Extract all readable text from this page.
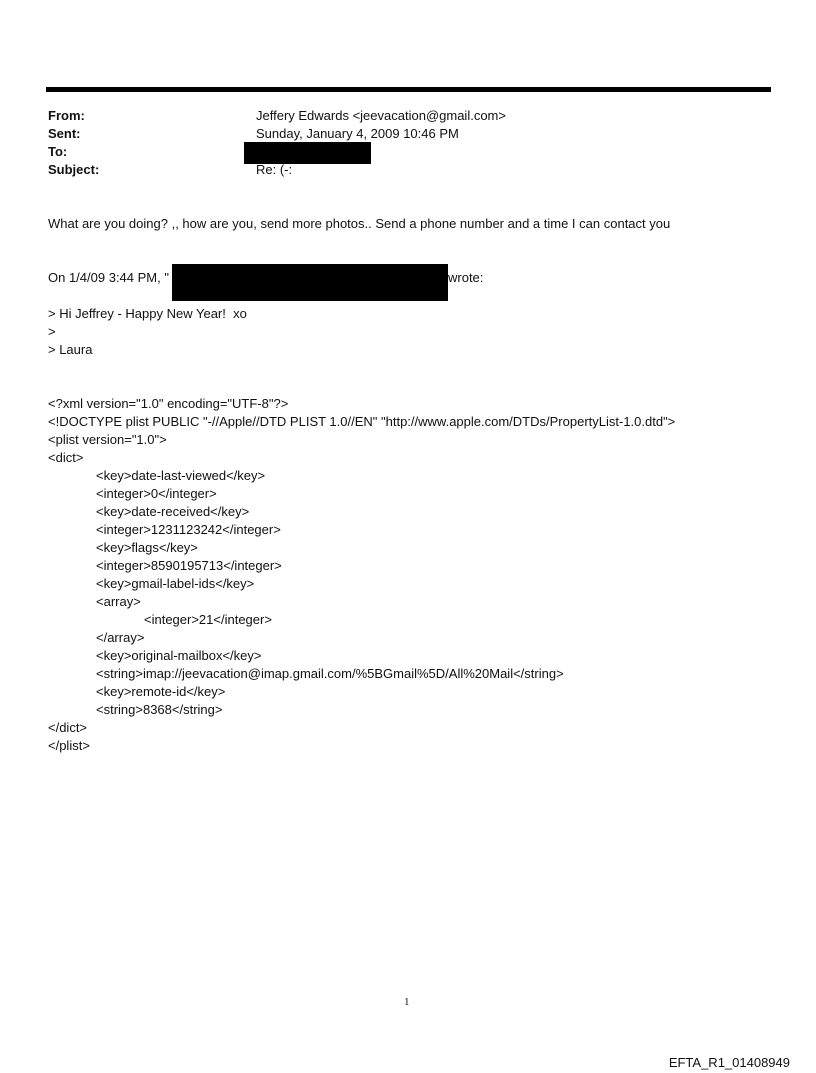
From:	Jeffery Edwards <jeevacation@gmail.com>
Sent:	Sunday, January 4, 2009 10:46 PM
To:
Subject:	Re: (-:
What are you doing? ,, how are you, send more photos.. Send a phone number and a time I can contact you
On 1/4/09 3:44 PM, "	wrote:
> Hi Jeffrey - Happy New Year!  xo
>
> Laura
<?xml version="1.0" encoding="UTF-8"?>
<!DOCTYPE plist PUBLIC "-//Apple//DTD PLIST 1.0//EN" "http://www.apple.com/DTDs/PropertyList-1.0.dtd">
<plist version="1.0">
<dict>
<key>date-last-viewed</key>
<integer>0</integer>
<key>date-received</key>
<integer>1231123242</integer>
<key>flags</key>
<integer>8590195713</integer>
<key>gmail-label-ids</key>
<array>
<integer>21</integer>
</array>
<key>original-mailbox</key>
<string>imap://jeevacation@imap.gmail.com/%5BGmail%5D/All%20Mail</string>
<key>remote-id</key>
<string>8368</string>
</dict>
</plist>
1
EFTA_R1_01408949
